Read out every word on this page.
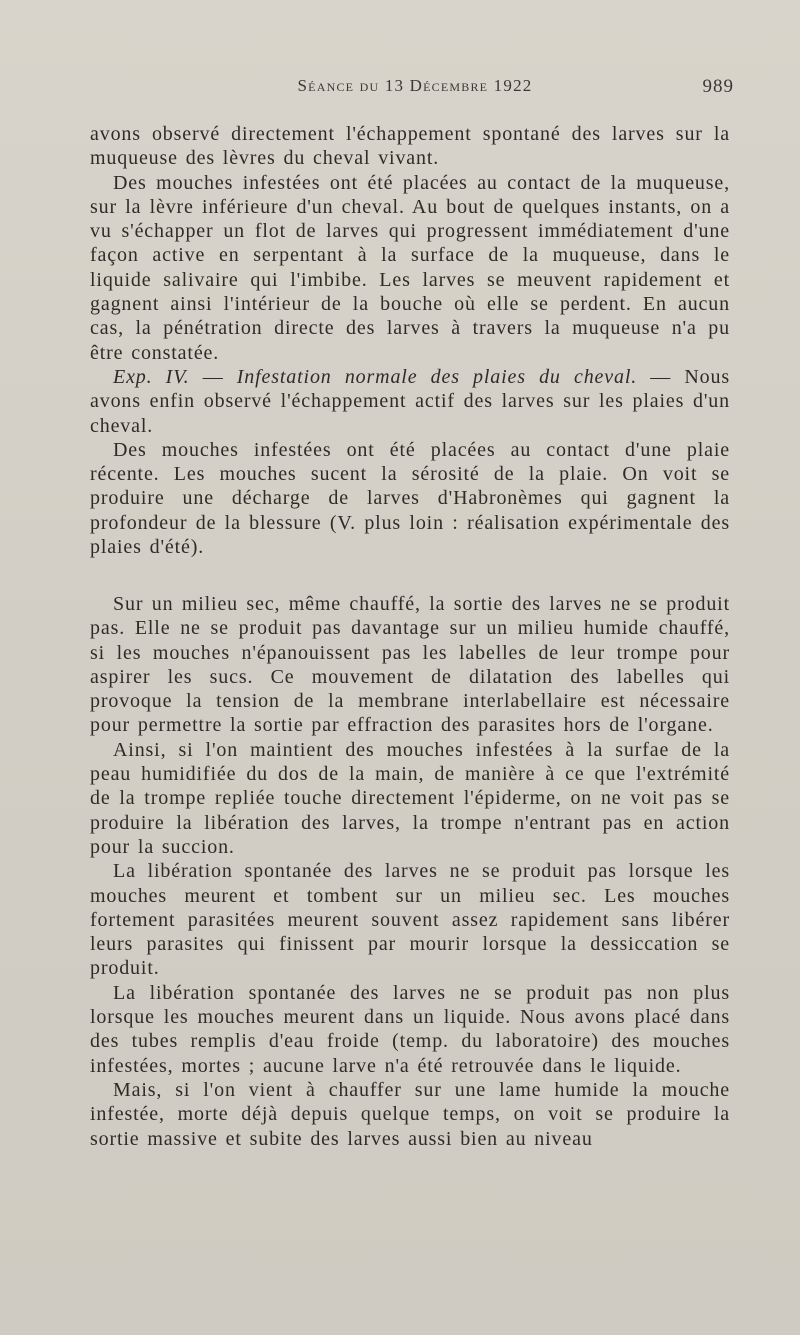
Séance du 13 Décembre 1922	989

avons observé directement l'échappement spontané des larves sur la muqueuse des lèvres du cheval vivant.

Des mouches infestées ont été placées au contact de la muqueuse, sur la lèvre inférieure d'un cheval. Au bout de quelques instants, on a vu s'échapper un flot de larves qui progressent immédiatement d'une façon active en serpentant à la surface de la muqueuse, dans le liquide salivaire qui l'imbibe. Les larves se meuvent rapidement et gagnent ainsi l'intérieur de la bouche où elle se perdent. En aucun cas, la pénétration directe des larves à travers la muqueuse n'a pu être constatée.

Exp. IV. — Infestation normale des plaies du cheval. — Nous avons enfin observé l'échappement actif des larves sur les plaies d'un cheval.

Des mouches infestées ont été placées au contact d'une plaie récente. Les mouches sucent la sérosité de la plaie. On voit se produire une décharge de larves d'Habronèmes qui gagnent la profondeur de la blessure (V. plus loin : réalisation expérimentale des plaies d'été).

Sur un milieu sec, même chauffé, la sortie des larves ne se produit pas. Elle ne se produit pas davantage sur un milieu humide chauffé, si les mouches n'épanouissent pas les labelles de leur trompe pour aspirer les sucs. Ce mouvement de dilatation des labelles qui provoque la tension de la membrane interlabellaire est nécessaire pour permettre la sortie par effraction des parasites hors de l'organe.

Ainsi, si l'on maintient des mouches infestées à la surfae de la peau humidifiée du dos de la main, de manière à ce que l'extrémité de la trompe repliée touche directement l'épiderme, on ne voit pas se produire la libération des larves, la trompe n'entrant pas en action pour la succion.

La libération spontanée des larves ne se produit pas lorsque les mouches meurent et tombent sur un milieu sec. Les mouches fortement parasitées meurent souvent assez rapidement sans libérer leurs parasites qui finissent par mourir lorsque la dessiccation se produit.

La libération spontanée des larves ne se produit pas non plus lorsque les mouches meurent dans un liquide. Nous avons placé dans des tubes remplis d'eau froide (temp. du laboratoire) des mouches infestées, mortes ; aucune larve n'a été retrouvée dans le liquide.

Mais, si l'on vient à chauffer sur une lame humide la mouche infestée, morte déjà depuis quelque temps, on voit se produire la sortie massive et subite des larves aussi bien au niveau
